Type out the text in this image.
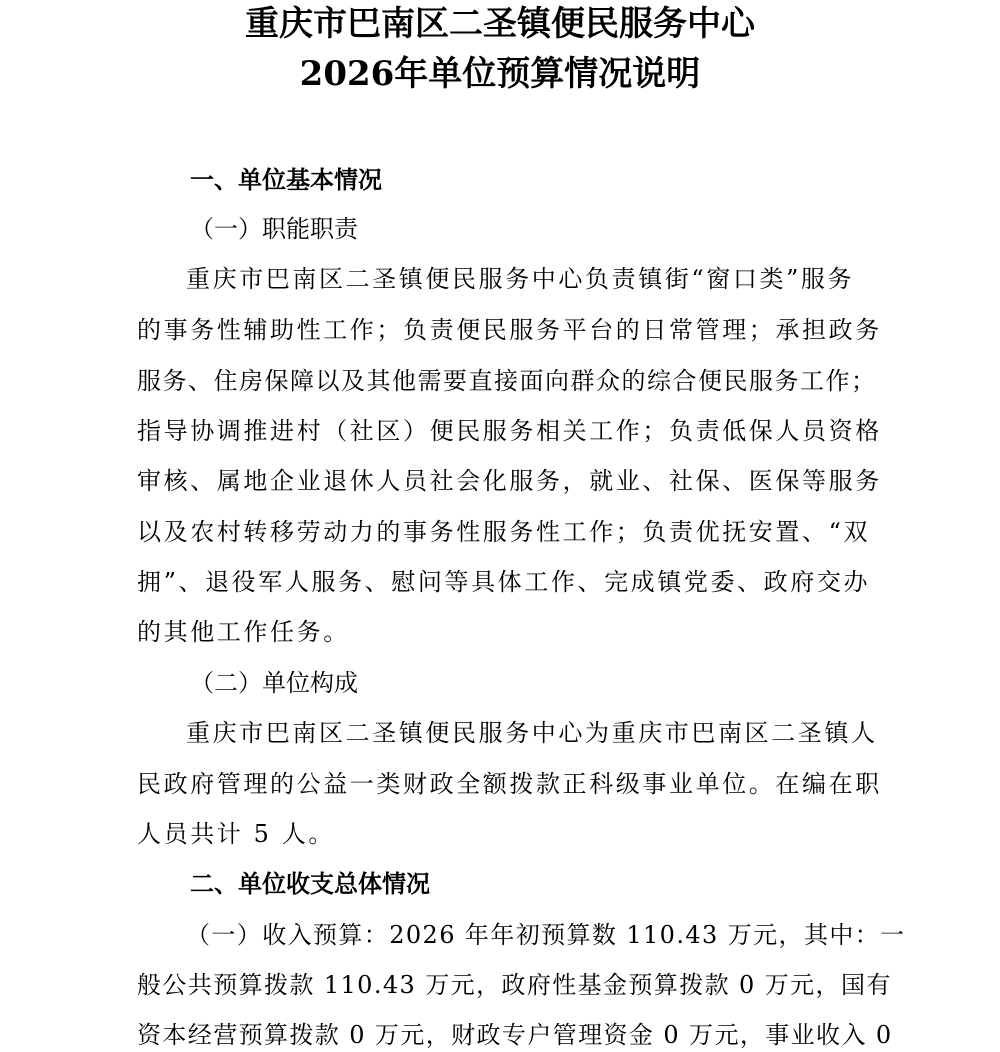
重庆市巴南区二圣镇便民服务中心
2026年单位预算情况说明
一、单位基本情况
（一）职能职责
重庆市巴南区二圣镇便民服务中心负责镇街“窗口类”服务
的事务性辅助性工作；负责便民服务平台的日常管理；承担政务
服务、住房保障以及其他需要直接面向群众的综合便民服务工作；
指导协调推进村（社区）便民服务相关工作；负责低保人员资格
审核、属地企业退休人员社会化服务，就业、社保、医保等服务
以及农村转移劳动力的事务性服务性工作；负责优抚安置、“双
拥”、退役军人服务、慰问等具体工作、完成镇党委、政府交办
的其他工作任务。
（二）单位构成
重庆市巴南区二圣镇便民服务中心为重庆市巴南区二圣镇人
民政府管理的公益一类财政全额拨款正科级事业单位。在编在职
人员共计 5 人。
二、单位收支总体情况
（一）收入预算：2026 年年初预算数 110.43 万元，其中：一
般公共预算拨款 110.43 万元，政府性基金预算拨款 0 万元，国有
资本经营预算拨款 0 万元，财政专户管理资金 0 万元，事业收入 0
